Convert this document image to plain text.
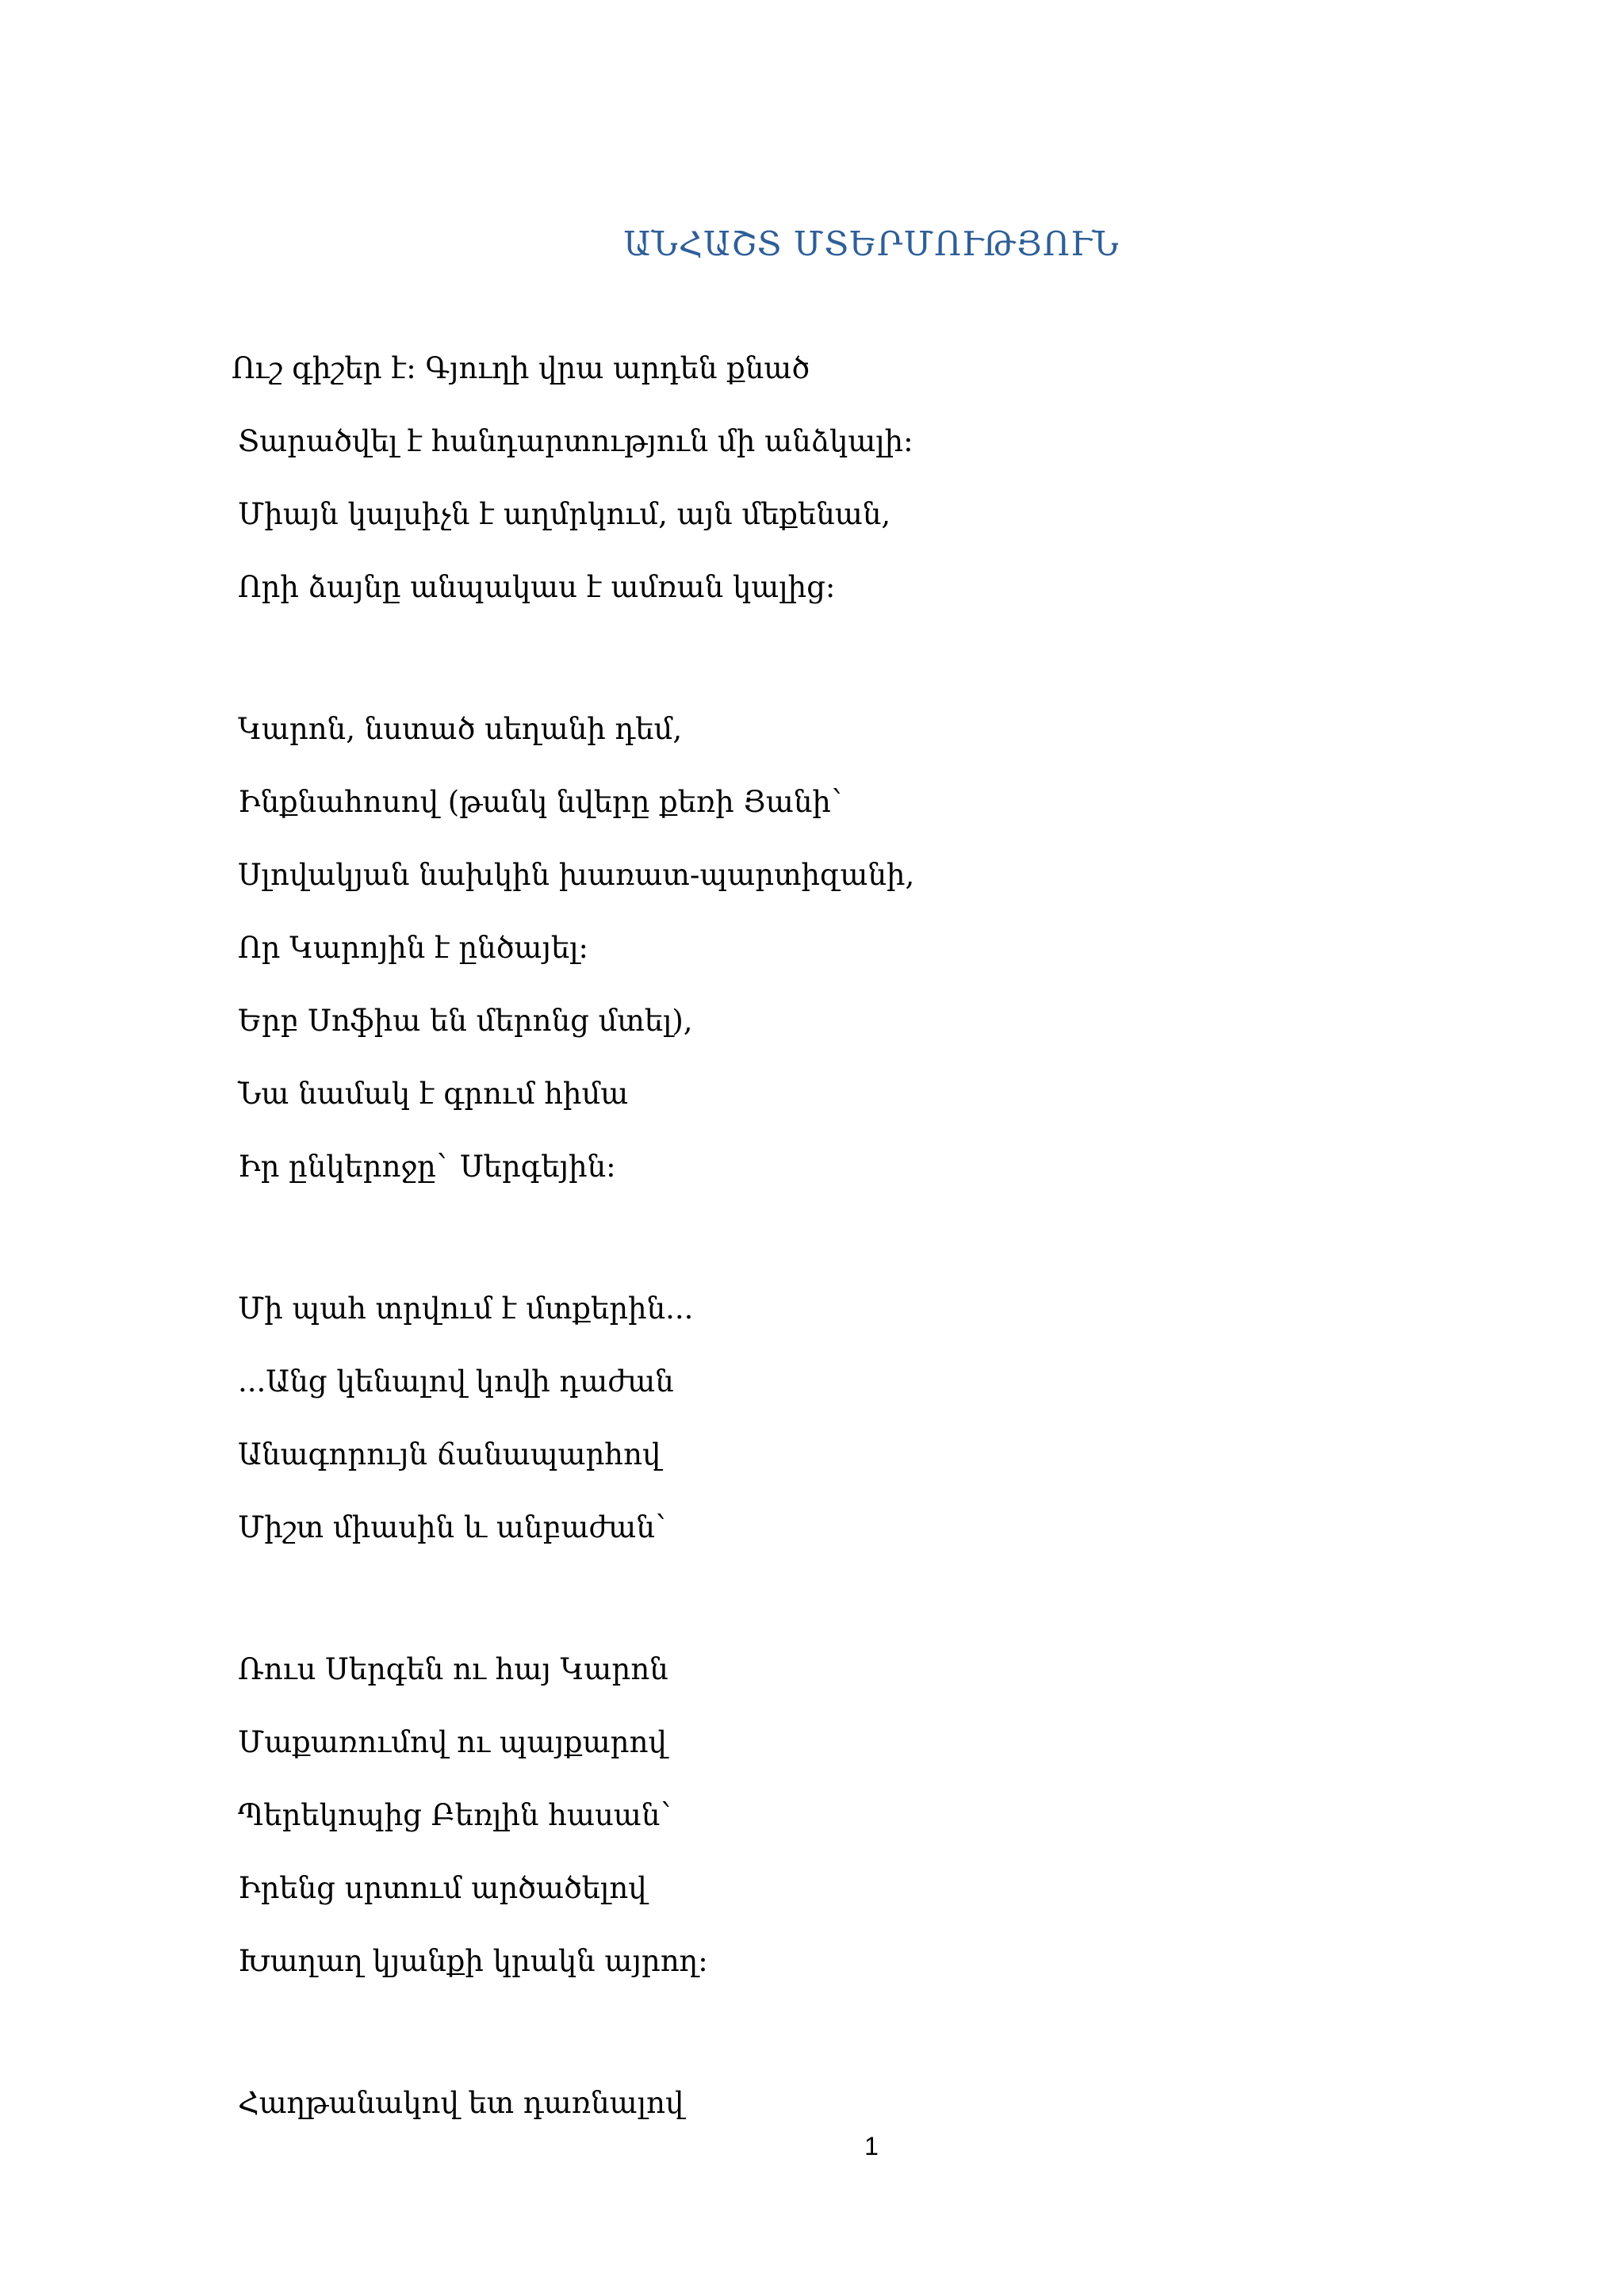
ԱՆՀԱՇՏ ՄՏԵՐՄՈՒԹՅՈՒՆ
Ուշ գիշեր է: Գյուղի վրա արդեն քնած
Տարածվել է հանդարտություն մի անձկալի:
Միայն կալսիչն է աղմրկում, այն մեքենան,
Որի ձայնը անպակաս է ամռան կալից:
Կարոն, նստած սեղանի դեմ,
Ինքնահոսով (թանկ նվերը քեռի Յանի`
Սլովակյան նախկին խառատ-պարտիզանի,
Որ Կարոյին է ընծայել:
Երբ Սոֆիա են մերոնց մտել),
Նա նամակ է գրում հիմա
Իր ընկերոջը` Սերգեյին:
Մի պահ տրվում է մտքերին...
...Անց կենալով կովի դաժան
Անագորույն ճանապարհով
Միշտ միասին և անբաժան`
Ռուս Սերգեն ու հայ Կարոն
Մաքառումով ու պայքարով
Պերեկոպից Բեռլին հասան`
Իրենց սրտում արծածելով
Խաղաղ կյանքի կրակն այրող:
Հաղթանակով ետ դառնալով
1
